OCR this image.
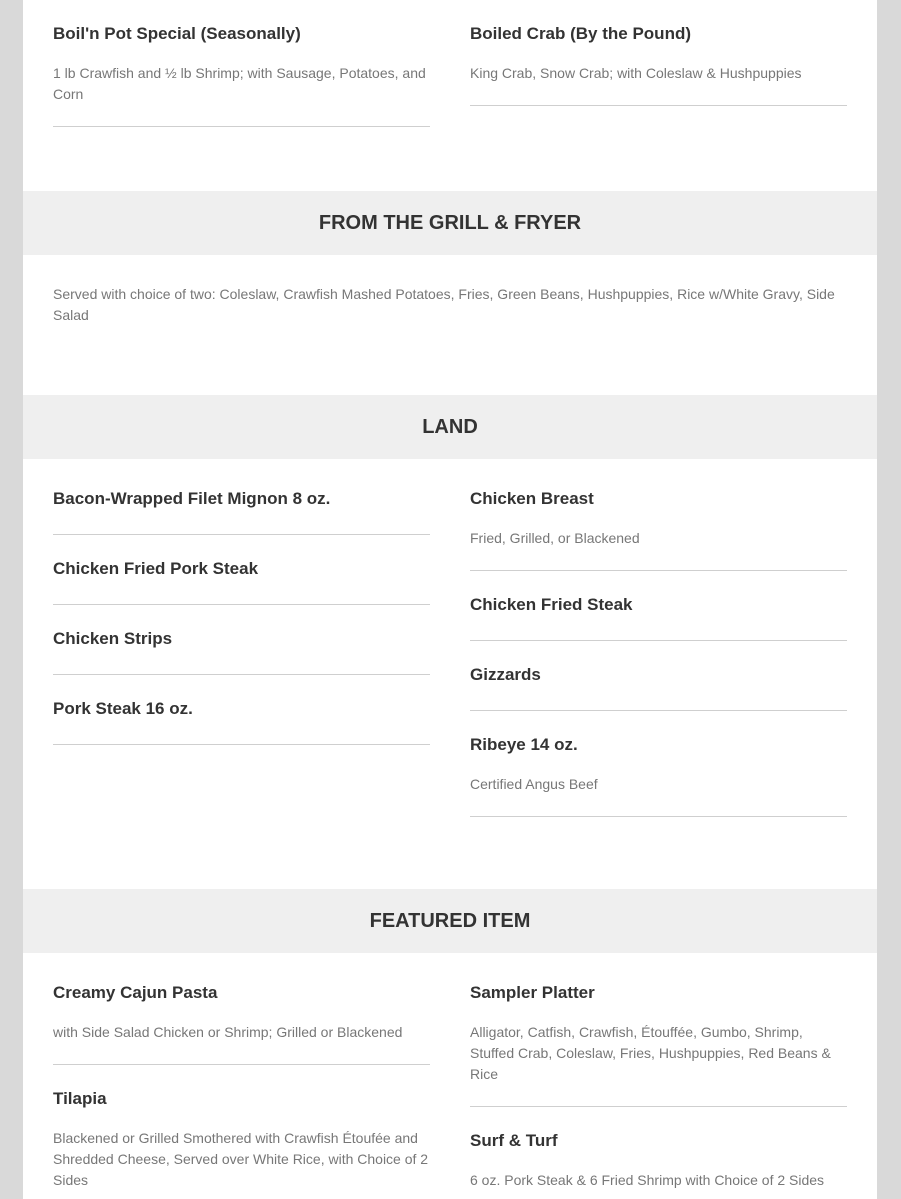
Boil'n Pot Special (Seasonally)
1 lb Crawfish and ½ lb Shrimp; with Sausage, Potatoes, and Corn
Boiled Crab (By the Pound)
King Crab, Snow Crab; with Coleslaw & Hushpuppies
FROM THE GRILL & FRYER
Served with choice of two: Coleslaw, Crawfish Mashed Potatoes, Fries, Green Beans, Hushpuppies, Rice w/White Gravy, Side Salad
LAND
Bacon-Wrapped Filet Mignon 8 oz.
Chicken Fried Pork Steak
Chicken Strips
Pork Steak 16 oz.
Chicken Breast
Fried, Grilled, or Blackened
Chicken Fried Steak
Gizzards
Ribeye 14 oz.
Certified Angus Beef
FEATURED ITEM
Creamy Cajun Pasta
with Side Salad Chicken or Shrimp; Grilled or Blackened
Tilapia
Blackened or Grilled Smothered with Crawfish Étoufée and Shredded Cheese, Served over White Rice, with Choice of 2 Sides
Sampler Platter
Alligator, Catfish, Crawfish, Étouffée, Gumbo, Shrimp, Stuffed Crab, Coleslaw, Fries, Hushpuppies, Red Beans & Rice
Surf & Turf
6 oz. Pork Steak & 6 Fried Shrimp with Choice of 2 Sides
